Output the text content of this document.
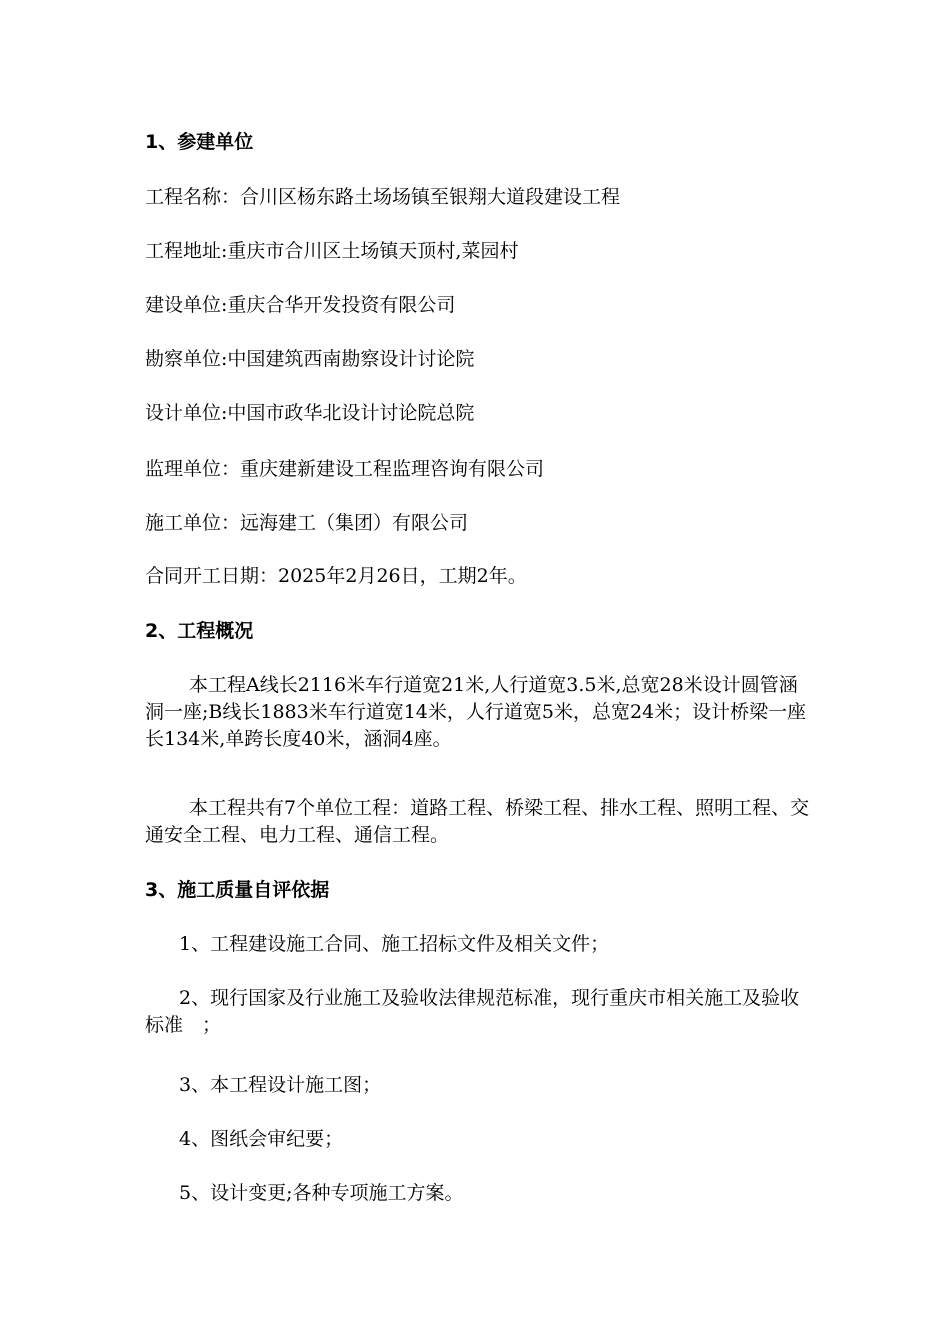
1、参建单位
工程名称：合川区杨东路土场场镇至银翔大道段建设工程
工程地址:重庆市合川区土场镇天顶村,菜园村
建设单位:重庆合华开发投资有限公司
勘察单位:中国建筑西南勘察设计讨论院
设计单位:中国市政华北设计讨论院总院
监理单位：重庆建新建设工程监理咨询有限公司
施工单位：远海建工（集团）有限公司
合同开工日期：2025年2月26日，工期2年。
2、工程概况
本工程A线长2116米车行道宽21米,人行道宽3.5米,总宽28米设计圆管涵洞一座;B线长1883米车行道宽14米，人行道宽5米，总宽24米；设计桥梁一座长134米,单跨长度40米，涵洞4座。
本工程共有7个单位工程：道路工程、桥梁工程、排水工程、照明工程、交通安全工程、电力工程、通信工程。
3、施工质量自评依据
1、工程建设施工合同、施工招标文件及相关文件；
2、现行国家及行业施工及验收法律规范标准，现行重庆市相关施工及验收标准　；
3、本工程设计施工图；
4、图纸会审纪要；
5、设计变更;各种专项施工方案。
